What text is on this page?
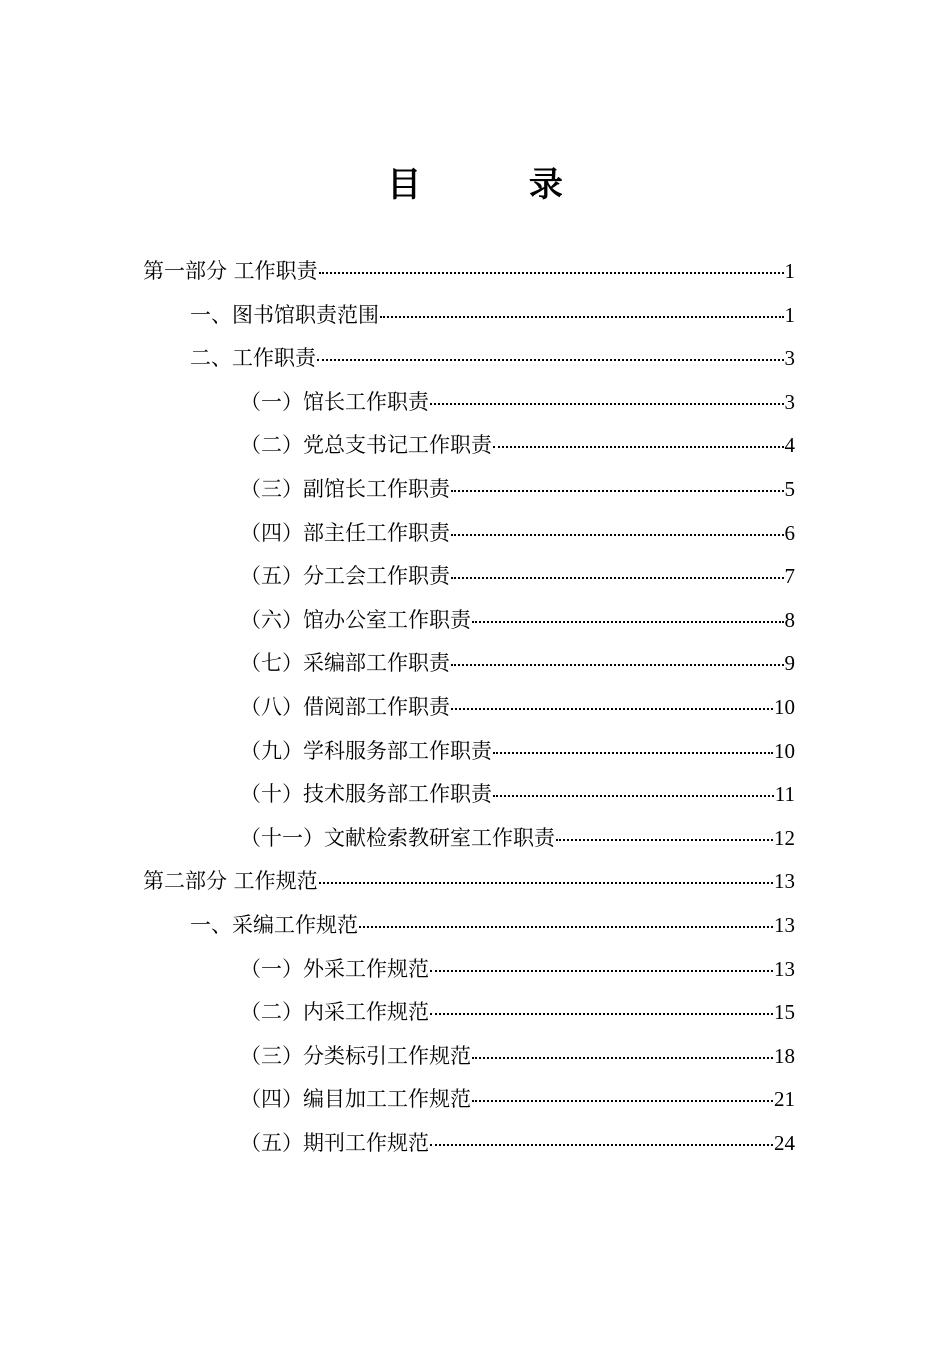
目 录
第一部分 工作职责	1
一、图书馆职责范围	1
二、工作职责	3
（一）馆长工作职责	3
（二）党总支书记工作职责	4
（三）副馆长工作职责	5
（四）部主任工作职责	6
（五）分工会工作职责	7
（六）馆办公室工作职责	8
（七）采编部工作职责	9
（八）借阅部工作职责	10
（九）学科服务部工作职责	10
（十）技术服务部工作职责	11
（十一）文献检索教研室工作职责	12
第二部分 工作规范	13
一、采编工作规范	13
（一）外采工作规范	13
（二）内采工作规范	15
（三）分类标引工作规范	18
（四）编目加工工作规范	21
（五）期刊工作规范	24
